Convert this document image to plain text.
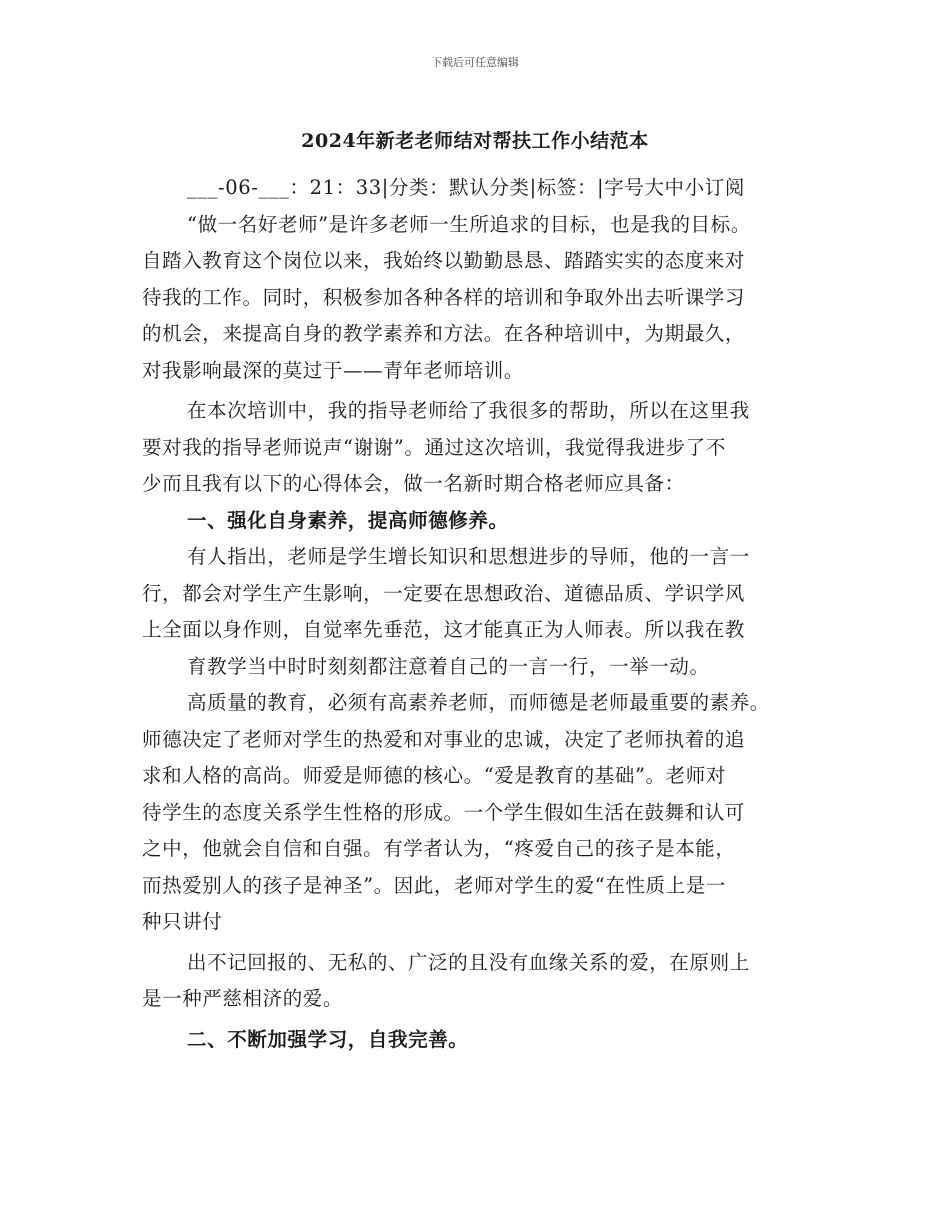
下载后可任意编辑
2024年新老老师结对帮扶工作小结范本
___-06-___：21：33|分类：默认分类|标签：|字号大中小订阅
“做一名好老师”是许多老师一生所追求的目标，也是我的目标。
自踏入教育这个岗位以来，我始终以勤勤恳恳、踏踏实实的态度来对
待我的工作。同时，积极参加各种各样的培训和争取外出去听课学习
的机会，来提高自身的教学素养和方法。在各种培训中，为期最久，
对我影响最深的莫过于——青年老师培训。
在本次培训中，我的指导老师给了我很多的帮助，所以在这里我
要对我的指导老师说声“谢谢”。通过这次培训，我觉得我进步了不
少而且我有以下的心得体会，做一名新时期合格老师应具备：
一、强化自身素养，提高师德修养。
有人指出，老师是学生增长知识和思想进步的导师，他的一言一
行，都会对学生产生影响，一定要在思想政治、道德品质、学识学风
上全面以身作则，自觉率先垂范，这才能真正为人师表。所以我在教
育教学当中时时刻刻都注意着自己的一言一行，一举一动。
高质量的教育，必须有高素养老师，而师德是老师最重要的素养。
师德决定了老师对学生的热爱和对事业的忠诚，决定了老师执着的追
求和人格的高尚。师爱是师德的核心。“爱是教育的基础”。老师对
待学生的态度关系学生性格的形成。一个学生假如生活在鼓舞和认可
之中，他就会自信和自强。有学者认为，“疼爱自己的孩子是本能，
而热爱别人的孩子是神圣”。因此，老师对学生的爱“在性质上是一
种只讲付
出不记回报的、无私的、广泛的且没有血缘关系的爱，在原则上
是一种严慈相济的爱。
二、不断加强学习，自我完善。
